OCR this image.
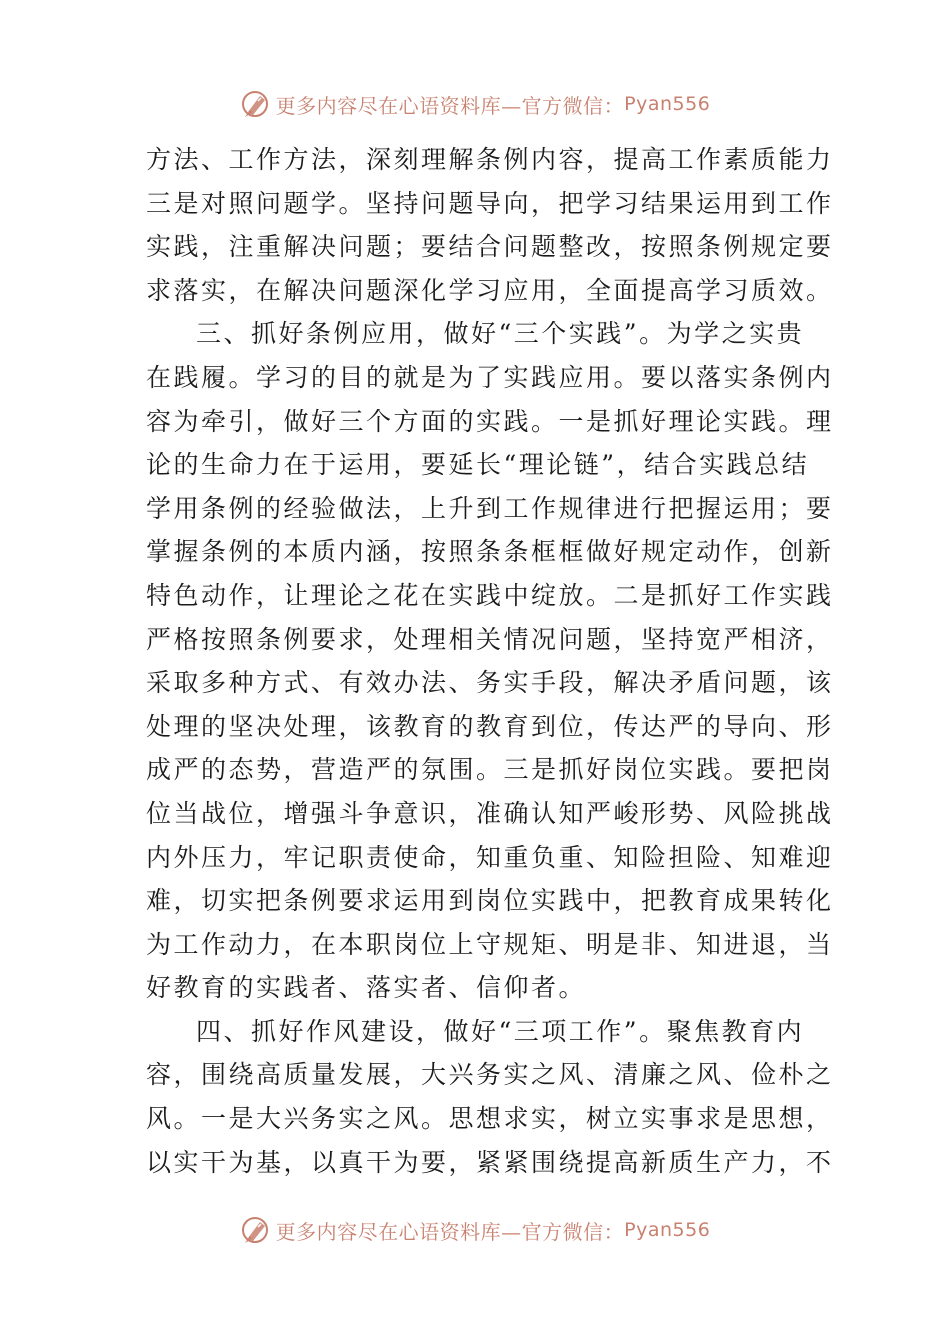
更多内容尽在心语资料库—官方微信： Pyan556
方法、工作方法，深刻理解条例内容，提高工作素质能力
三是对照问题学。坚持问题导向，把学习结果运用到工作
实践，注重解决问题；要结合问题整改，按照条例规定要
求落实，在解决问题深化学习应用，全面提高学习质效。
三、抓好条例应用，做好“三个实践”。为学之实贵
在践履。学习的目的就是为了实践应用。要以落实条例内
容为牵引，做好三个方面的实践。一是抓好理论实践。理
论的生命力在于运用，要延长“理论链”，结合实践总结
学用条例的经验做法，上升到工作规律进行把握运用；要
掌握条例的本质内涵，按照条条框框做好规定动作，创新
特色动作，让理论之花在实践中绽放。二是抓好工作实践
严格按照条例要求，处理相关情况问题，坚持宽严相济，
采取多种方式、有效办法、务实手段，解决矛盾问题，该
处理的坚决处理，该教育的教育到位，传达严的导向、形
成严的态势，营造严的氛围。三是抓好岗位实践。要把岗
位当战位，增强斗争意识，准确认知严峻形势、风险挑战
内外压力，牢记职责使命，知重负重、知险担险、知难迎
难，切实把条例要求运用到岗位实践中，把教育成果转化
为工作动力，在本职岗位上守规矩、明是非、知进退，当
好教育的实践者、落实者、信仰者。
四、抓好作风建设，做好“三项工作”。聚焦教育内
容，围绕高质量发展，大兴务实之风、清廉之风、俭朴之
风。一是大兴务实之风。思想求实，树立实事求是思想，
以实干为基，以真干为要，紧紧围绕提高新质生产力，不
更多内容尽在心语资料库—官方微信： Pyan556
